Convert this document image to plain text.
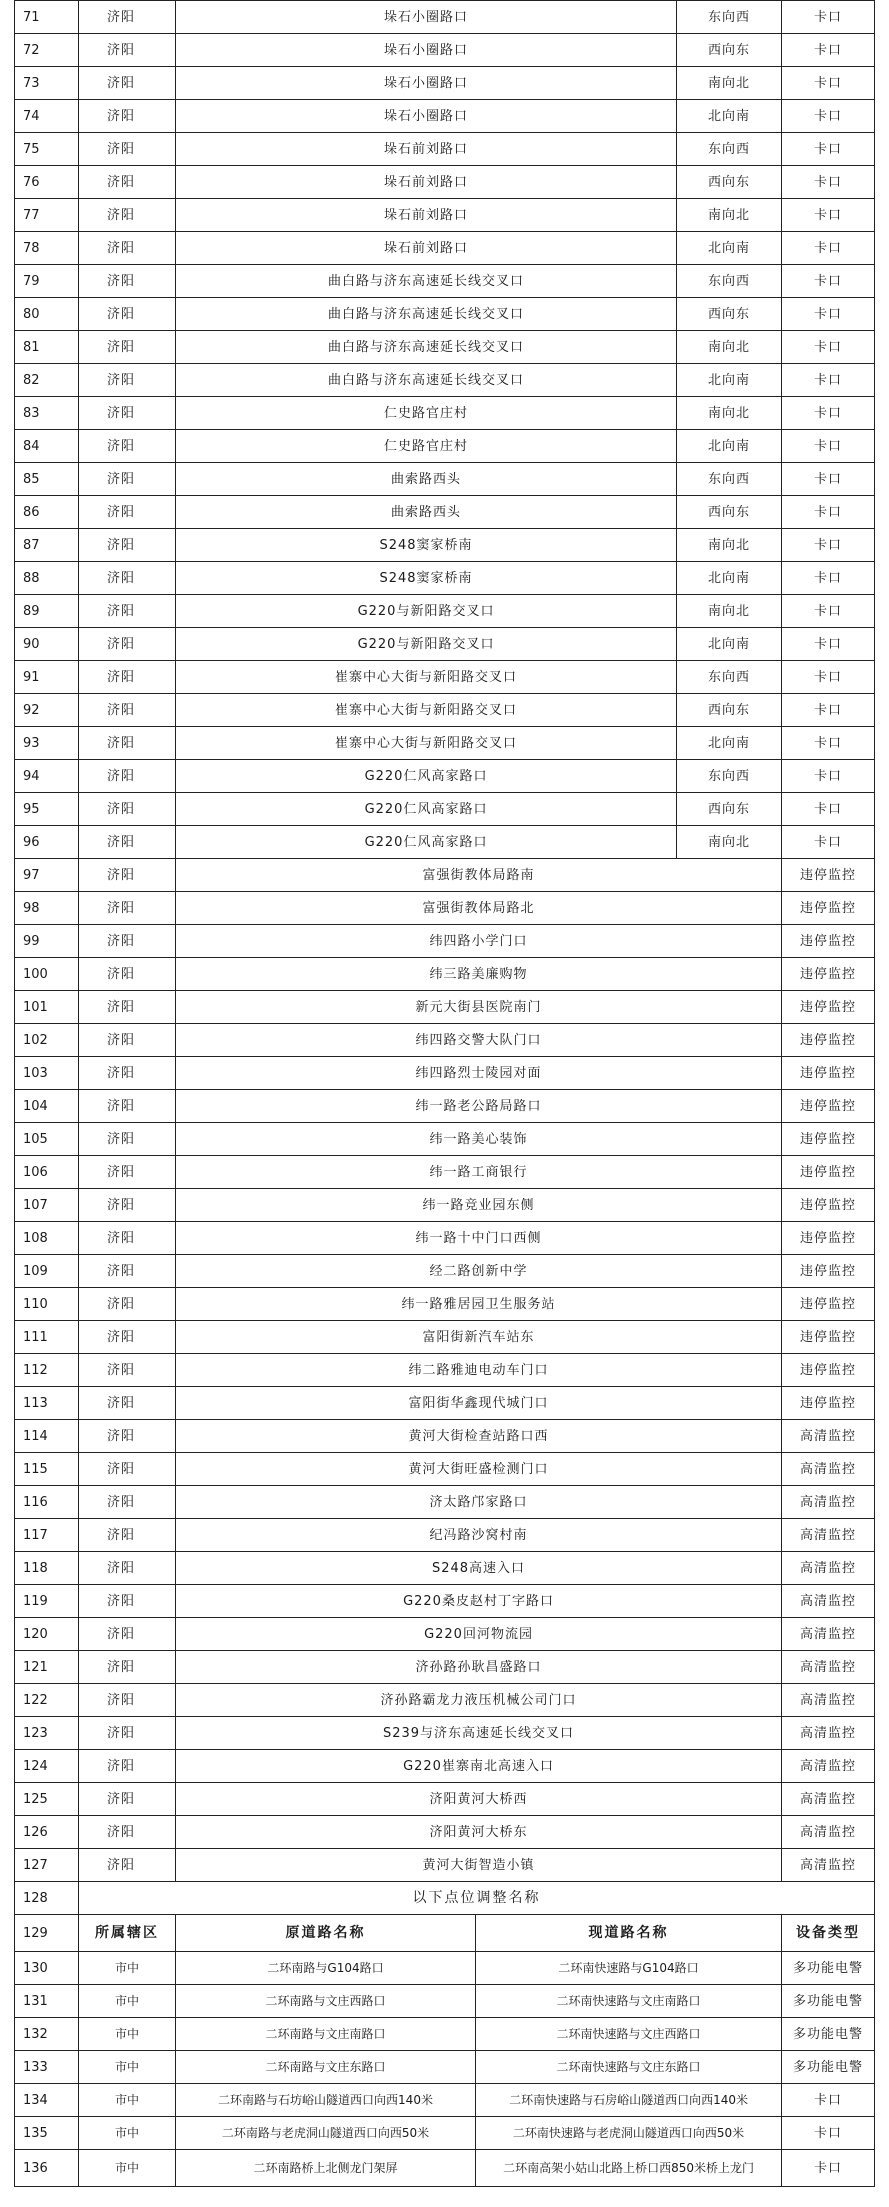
71	济阳	垛石小圈路口		东向西	卡口
72	济阳	垛石小圈路口		西向东	卡口
73	济阳	垛石小圈路口		南向北	卡口
74	济阳	垛石小圈路口		北向南	卡口
75	济阳	垛石前刘路口		东向西	卡口
76	济阳	垛石前刘路口		西向东	卡口
77	济阳	垛石前刘路口		南向北	卡口
78	济阳	垛石前刘路口		北向南	卡口
79	济阳	曲白路与济东高速延长线交叉口		东向西	卡口
80	济阳	曲白路与济东高速延长线交叉口		西向东	卡口
81	济阳	曲白路与济东高速延长线交叉口		南向北	卡口
82	济阳	曲白路与济东高速延长线交叉口		北向南	卡口
83	济阳	仁史路官庄村		南向北	卡口
84	济阳	仁史路官庄村		北向南	卡口
85	济阳	曲索路西头		东向西	卡口
86	济阳	曲索路西头		西向东	卡口
87	济阳	S248窦家桥南		南向北	卡口
88	济阳	S248窦家桥南		北向南	卡口
89	济阳	G220与新阳路交叉口		南向北	卡口
90	济阳	G220与新阳路交叉口		北向南	卡口
91	济阳	崔寨中心大街与新阳路交叉口		东向西	卡口
92	济阳	崔寨中心大街与新阳路交叉口		西向东	卡口
93	济阳	崔寨中心大街与新阳路交叉口		北向南	卡口
94	济阳	G220仁风高家路口		东向西	卡口
95	济阳	G220仁风高家路口		西向东	卡口
96	济阳	G220仁风高家路口		南向北	卡口
97	济阳	富强街教体局路南			违停监控
98	济阳	富强街教体局路北			违停监控
99	济阳	纬四路小学门口			违停监控
100	济阳	纬三路美廉购物			违停监控
101	济阳	新元大街县医院南门			违停监控
102	济阳	纬四路交警大队门口			违停监控
103	济阳	纬四路烈士陵园对面			违停监控
104	济阳	纬一路老公路局路口			违停监控
105	济阳	纬一路美心装饰			违停监控
106	济阳	纬一路工商银行			违停监控
107	济阳	纬一路竞业园东侧			违停监控
108	济阳	纬一路十中门口西侧			违停监控
109	济阳	经二路创新中学			违停监控
110	济阳	纬一路雅居园卫生服务站			违停监控
111	济阳	富阳街新汽车站东			违停监控
112	济阳	纬二路雅迪电动车门口			违停监控
113	济阳	富阳街华鑫现代城门口			违停监控
114	济阳	黄河大街检查站路口西			高清监控
115	济阳	黄河大街旺盛检测门口			高清监控
116	济阳	济太路邝家路口			高清监控
117	济阳	纪冯路沙窝村南			高清监控
118	济阳	S248高速入口			高清监控
119	济阳	G220桑皮赵村丁字路口			高清监控
120	济阳	G220回河物流园			高清监控
121	济阳	济孙路孙耿昌盛路口			高清监控
122	济阳	济孙路霸龙力液压机械公司门口			高清监控
123	济阳	S239与济东高速延长线交叉口			高清监控
124	济阳	G220崔寨南北高速入口			高清监控
125	济阳	济阳黄河大桥西			高清监控
126	济阳	济阳黄河大桥东			高清监控
127	济阳	黄河大街智造小镇			高清监控
128	以下点位调整名称				
129	所属辖区	原道路名称	现道路名称		设备类型
130	市中	二环南路与G104路口	二环南快速路与G104路口		多功能电警
131	市中	二环南路与文庄西路口	二环南快速路与文庄南路口		多功能电警
132	市中	二环南路与文庄南路口	二环南快速路与文庄西路口		多功能电警
133	市中	二环南路与文庄东路口	二环南快速路与文庄东路口		多功能电警
134	市中	二环南路与石坊峪山隧道西口向西140米	二环南快速路与石房峪山隧道西口向西140米		卡口
135	市中	二环南路与老虎洞山隧道西口向西50米	二环南快速路与老虎洞山隧道西口向西50米		卡口
136	市中	二环南路桥上北侧龙门架屏	二环南高架小姑山北路上桥口西850米桥上龙门		卡口
